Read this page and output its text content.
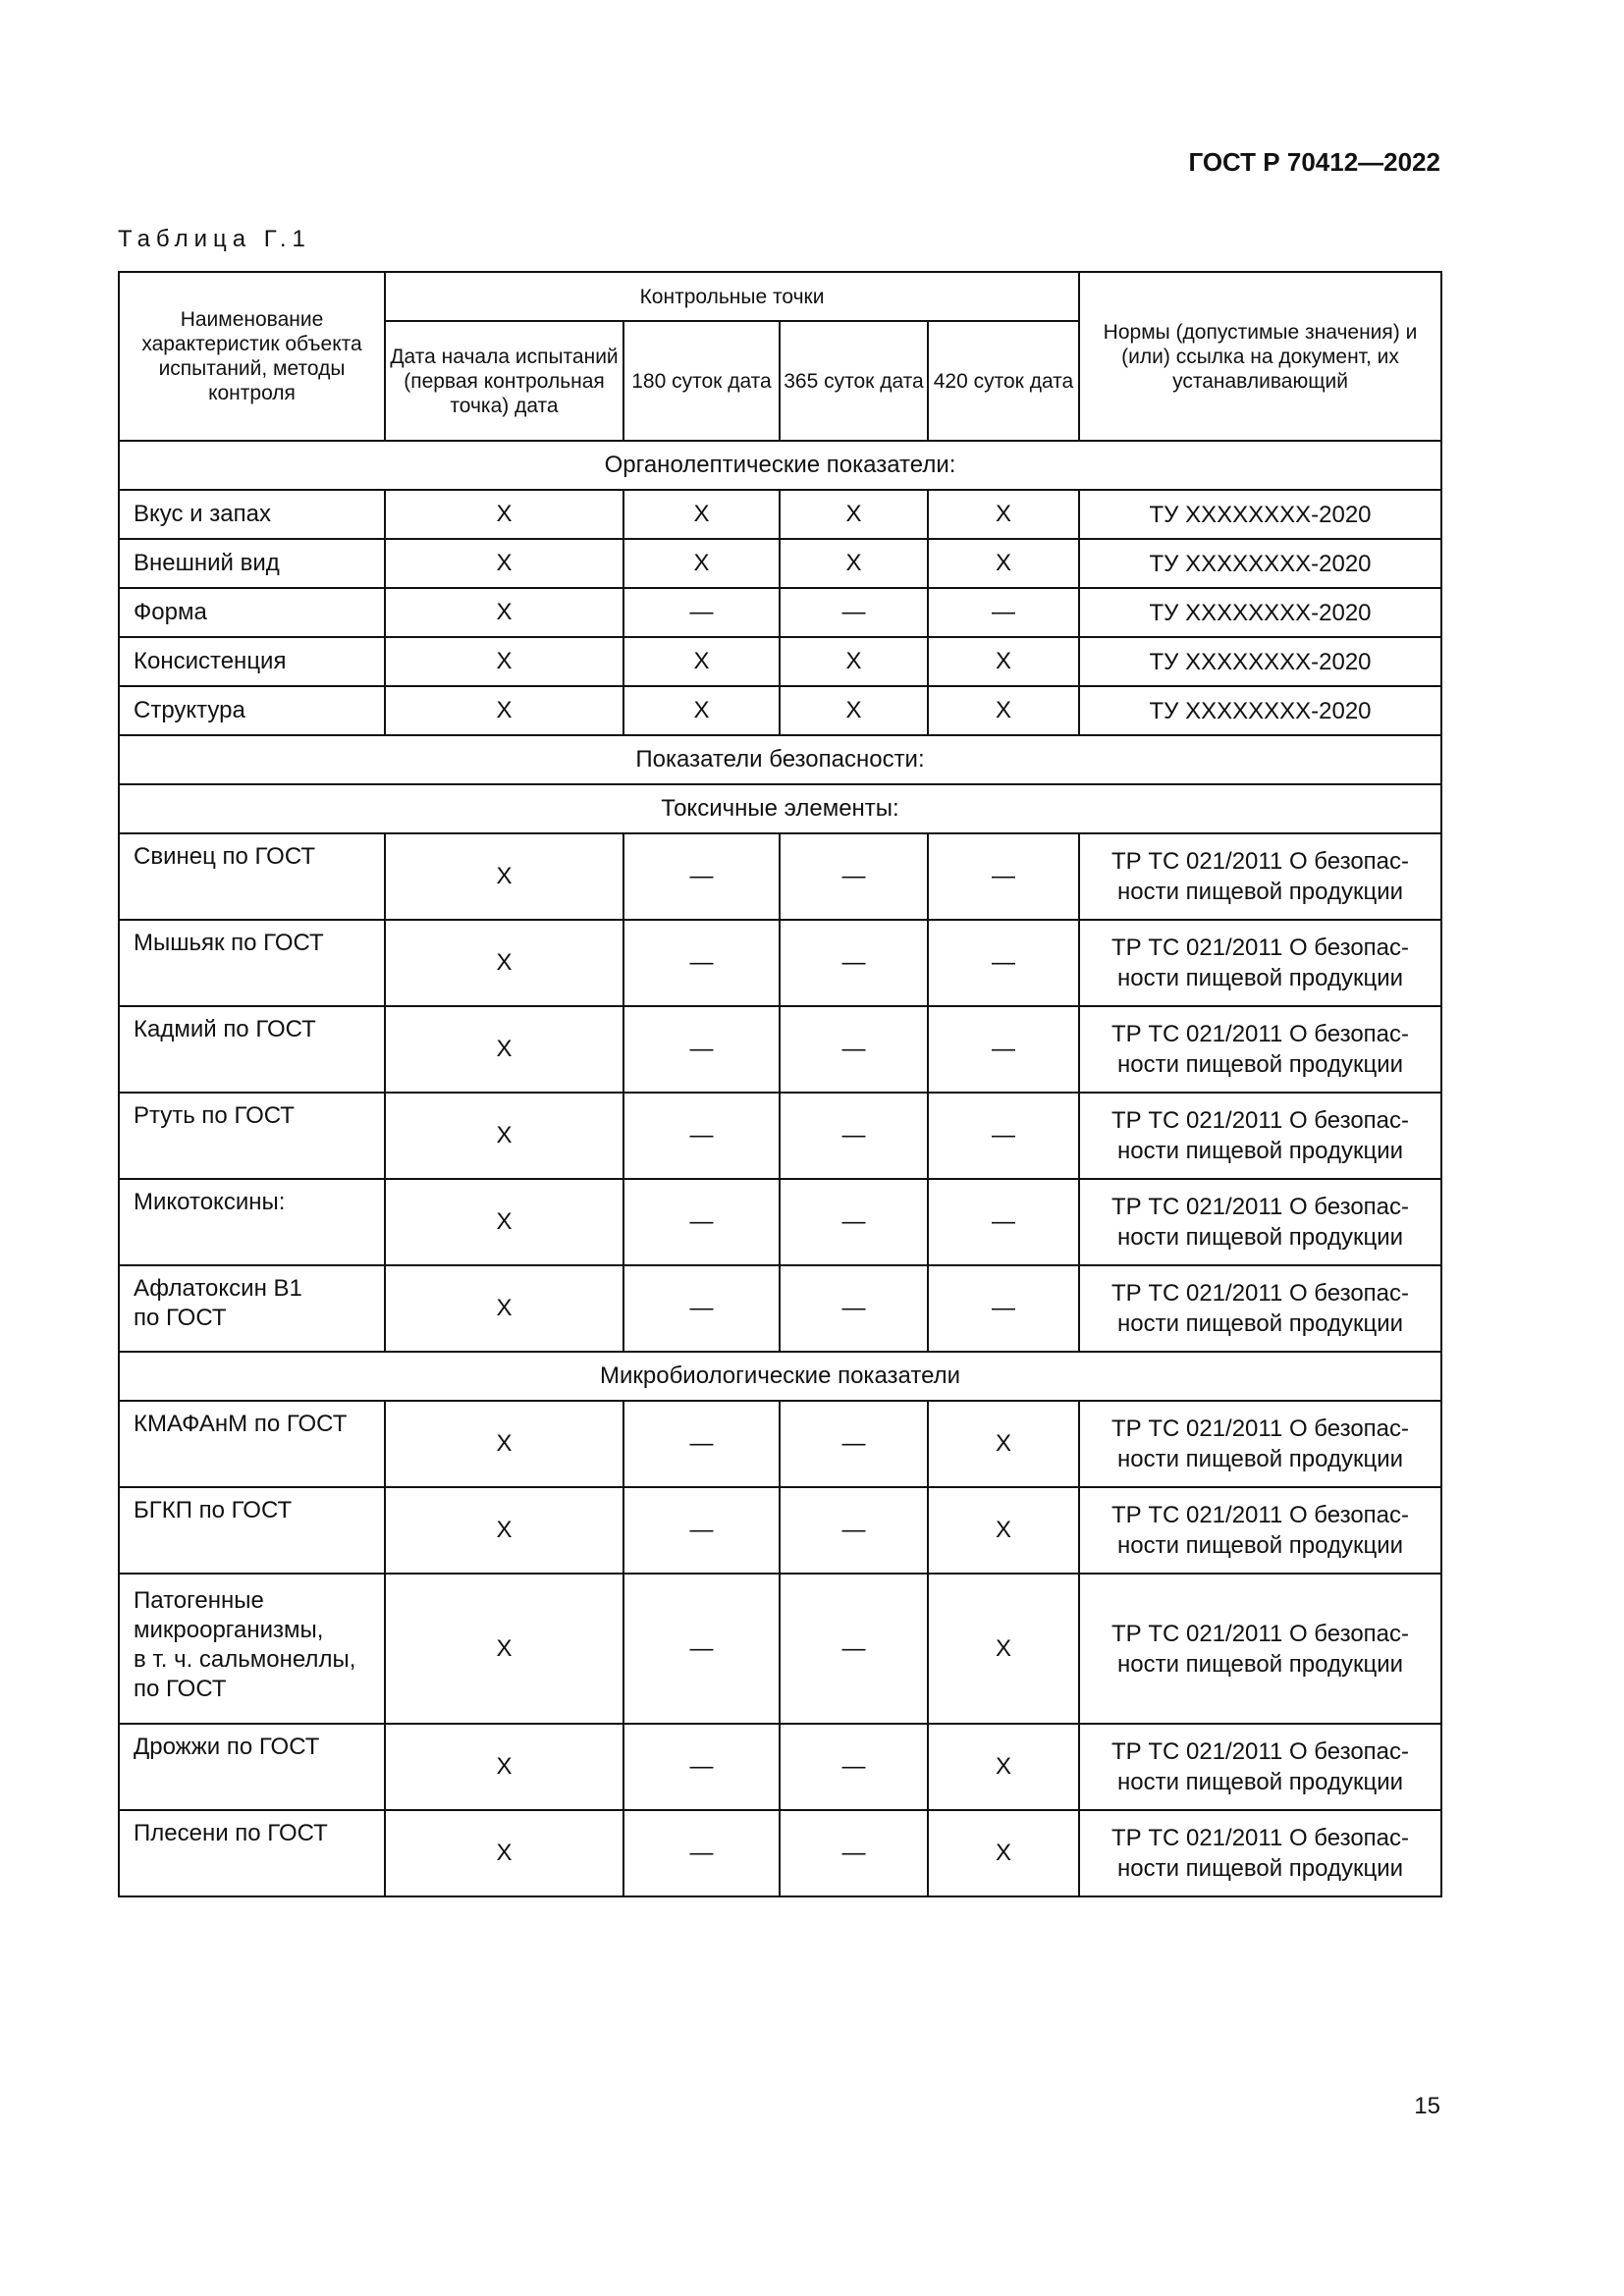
ГОСТ Р 70412—2022
Таблица Г.1
Наименование характеристик объекта испытаний, методы контроля	Контрольные точки				Нормы (допустимые значения) и (или) ссылка на документ, их устанавливающий
	Дата начала испытаний (первая контрольная точка) дата	180 суток дата	365 суток дата	420 суток дата	
Органолептические показатели:					
Вкус и запах	X	X	X	X	ТУ XXXXXXXX-2020
Внешний вид	X	X	X	X	ТУ XXXXXXXX-2020
Форма	X	—	—	—	ТУ XXXXXXXX-2020
Консистенция	X	X	X	X	ТУ XXXXXXXX-2020
Структура	X	X	X	X	ТУ XXXXXXXX-2020
Показатели безопасности:					
Токсичные элементы:					
Свинец по ГОСТ	X	—	—	—	ТР ТС 021/2011 О безопас-
ности пищевой продукции
Мышьяк по ГОСТ	X	—	—	—	ТР ТС 021/2011 О безопас-
ности пищевой продукции
Кадмий по ГОСТ	X	—	—	—	ТР ТС 021/2011 О безопас-
ности пищевой продукции
Ртуть по ГОСТ	X	—	—	—	ТР ТС 021/2011 О безопас-
ности пищевой продукции
Микотоксины:	X	—	—	—	ТР ТС 021/2011 О безопас-
ности пищевой продукции
Афлатоксин B1
по ГОСТ	X	—	—	—	ТР ТС 021/2011 О безопас-
ности пищевой продукции
Микробиологические показатели					
КМАФАнМ по ГОСТ	X	—	—	X	ТР ТС 021/2011 О безопас-
ности пищевой продукции
БГКП по ГОСТ	X	—	—	X	ТР ТС 021/2011 О безопас-
ности пищевой продукции
Патогенные
микроорганизмы,
в т. ч. сальмонеллы,
по ГОСТ	X	—	—	X	ТР ТС 021/2011 О безопас-
ности пищевой продукции
Дрожжи по ГОСТ	X	—	—	X	ТР ТС 021/2011 О безопас-
ности пищевой продукции
Плесени по ГОСТ	X	—	—	X	ТР ТС 021/2011 О безопас-
ности пищевой продукции
15
